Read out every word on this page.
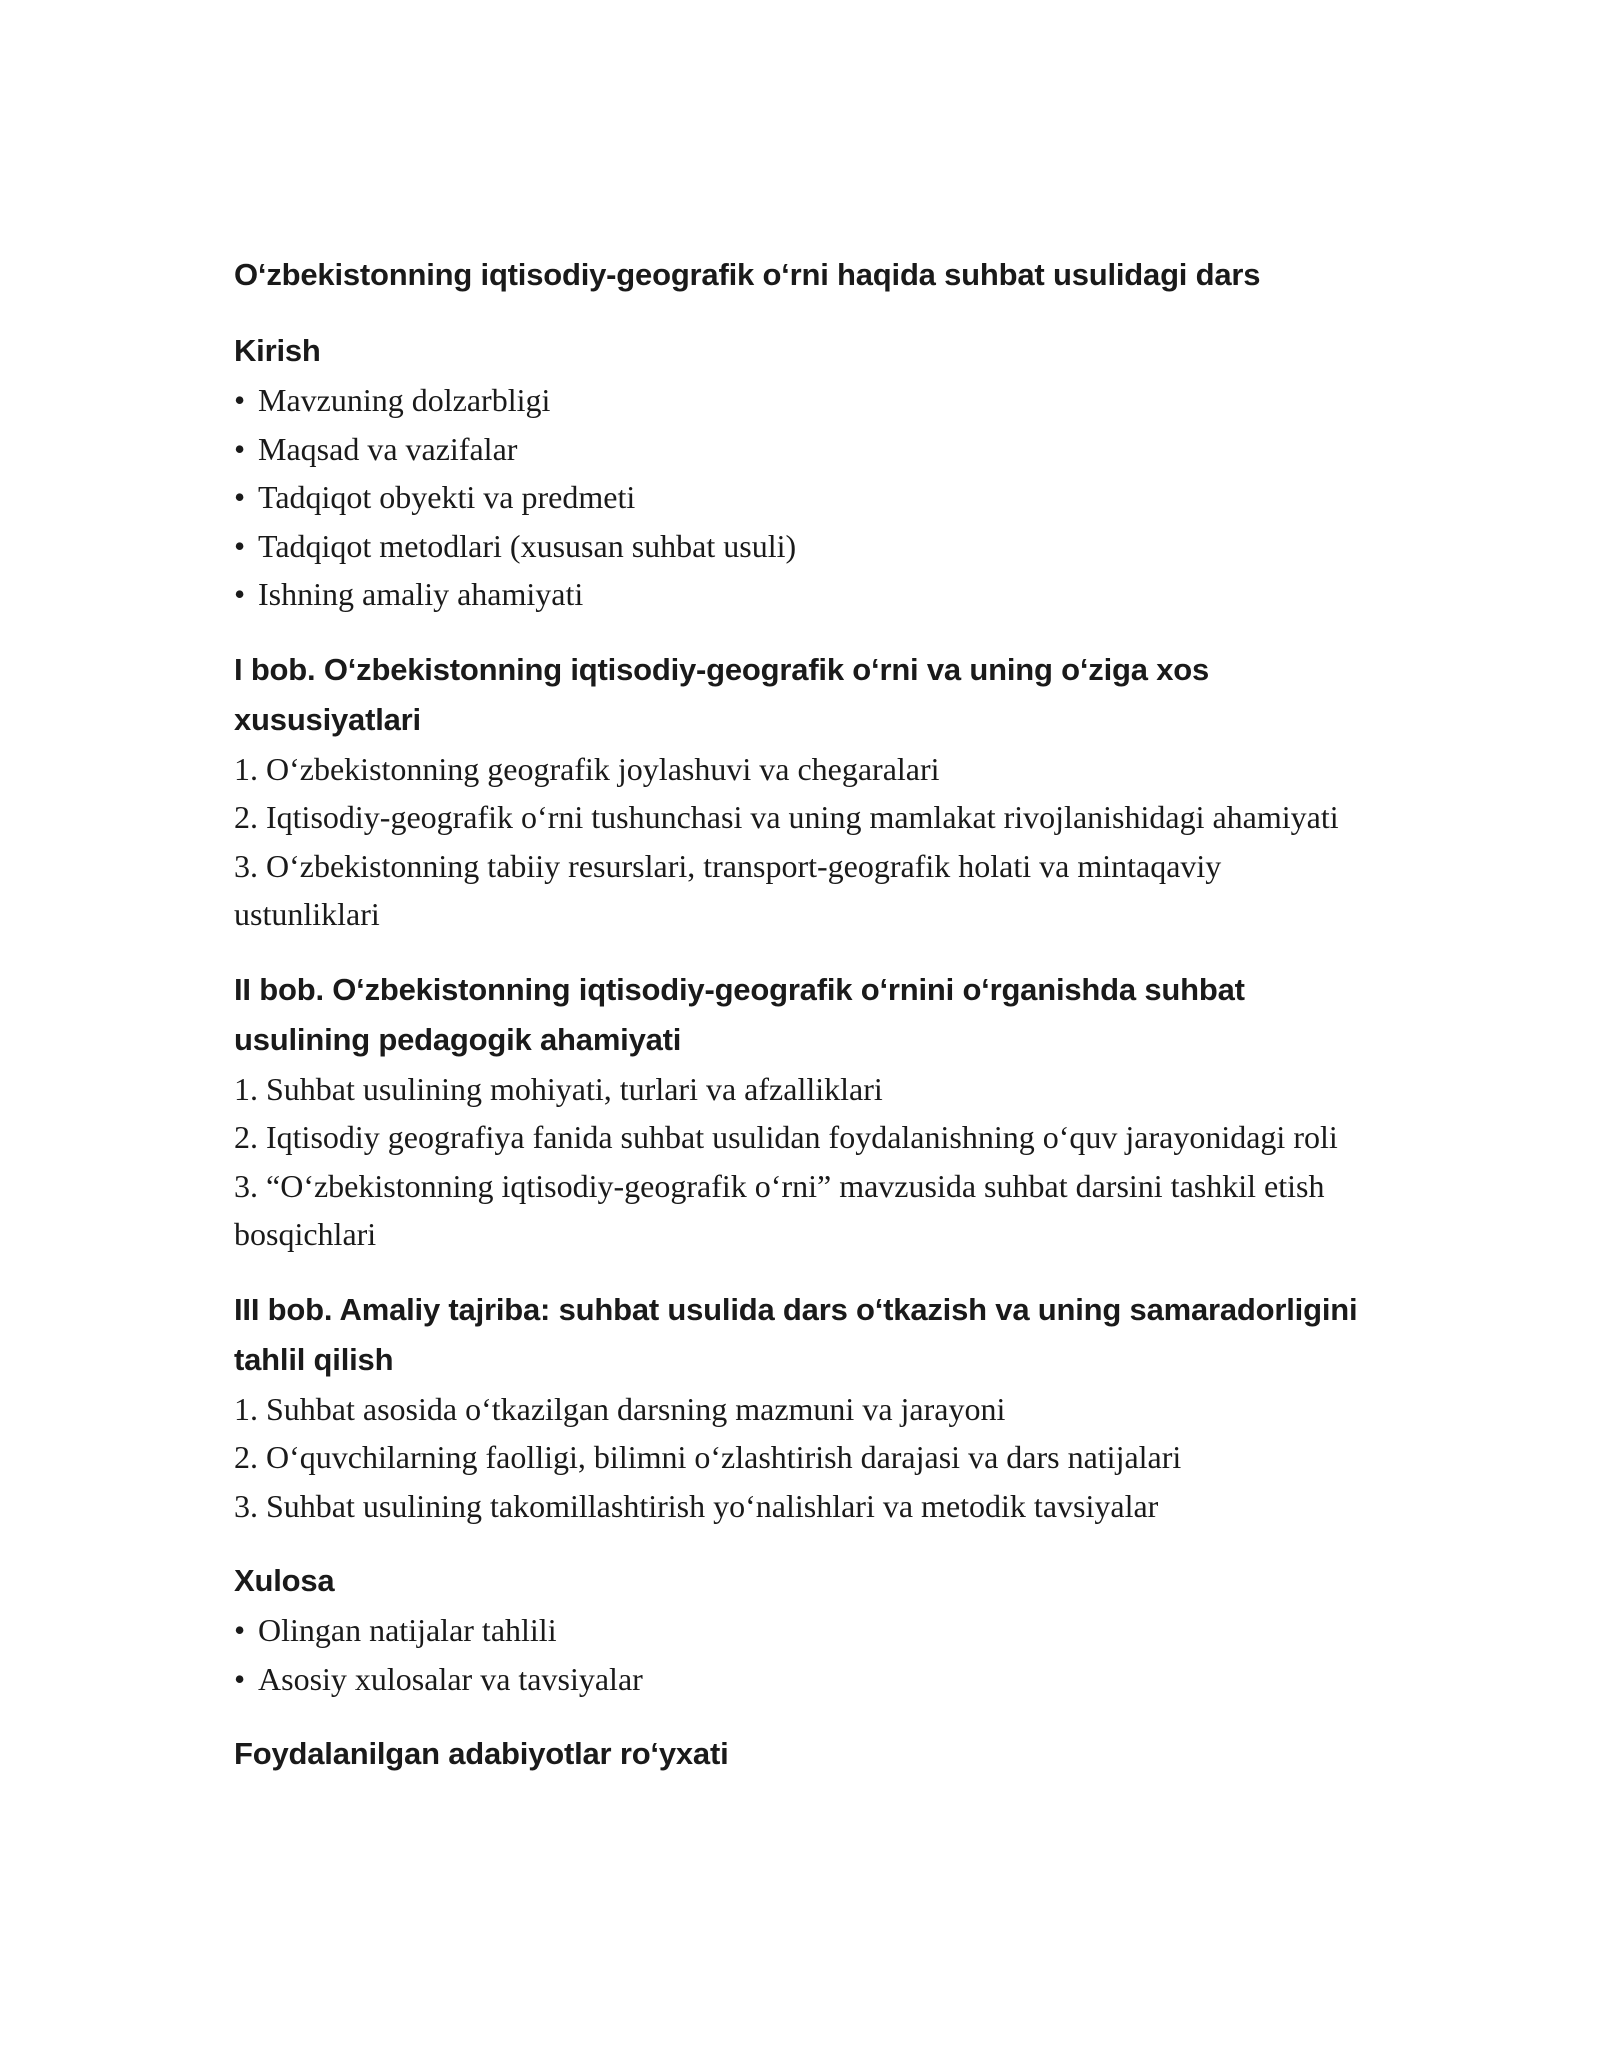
O‘zbekistonning iqtisodiy-geografik o‘rni haqida suhbat usulidagi dars
Kirish
• Mavzuning dolzarbligi
• Maqsad va vazifalar
• Tadqiqot obyekti va predmeti
• Tadqiqot metodlari (xususan suhbat usuli)
• Ishning amaliy ahamiyati
I bob. O‘zbekistonning iqtisodiy-geografik o‘rni va uning o‘ziga xos xususiyatlari

1. O‘zbekistonning geografik joylashuvi va chegaralari

2. Iqtisodiy-geografik o‘rni tushunchasi va uning mamlakat rivojlanishidagi ahamiyati

3. O‘zbekistonning tabiiy resurslari, transport-geografik holati va mintaqaviy ustunliklari

II bob. O‘zbekistonning iqtisodiy-geografik o‘rnini o‘rganishda suhbat usulining pedagogik ahamiyati

1. Suhbat usulining mohiyati, turlari va afzalliklari

2. Iqtisodiy geografiya fanida suhbat usulidan foydalanishning o‘quv jarayonidagi roli

3. “O‘zbekistonning iqtisodiy-geografik o‘rni” mavzusida suhbat darsini tashkil etish bosqichlari

III bob. Amaliy tajriba: suhbat usulida dars o‘tkazish va uning samaradorligini tahlil qilish

1. Suhbat asosida o‘tkazilgan darsning mazmuni va jarayoni

2. O‘quvchilarning faolligi, bilimni o‘zlashtirish darajasi va dars natijalari

3. Suhbat usulining takomillashtirish yo‘nalishlari va metodik tavsiyalar

Xulosa
• Olingan natijalar tahlili
• Asosiy xulosalar va tavsiyalar
Foydalanilgan adabiyotlar ro‘yxati
